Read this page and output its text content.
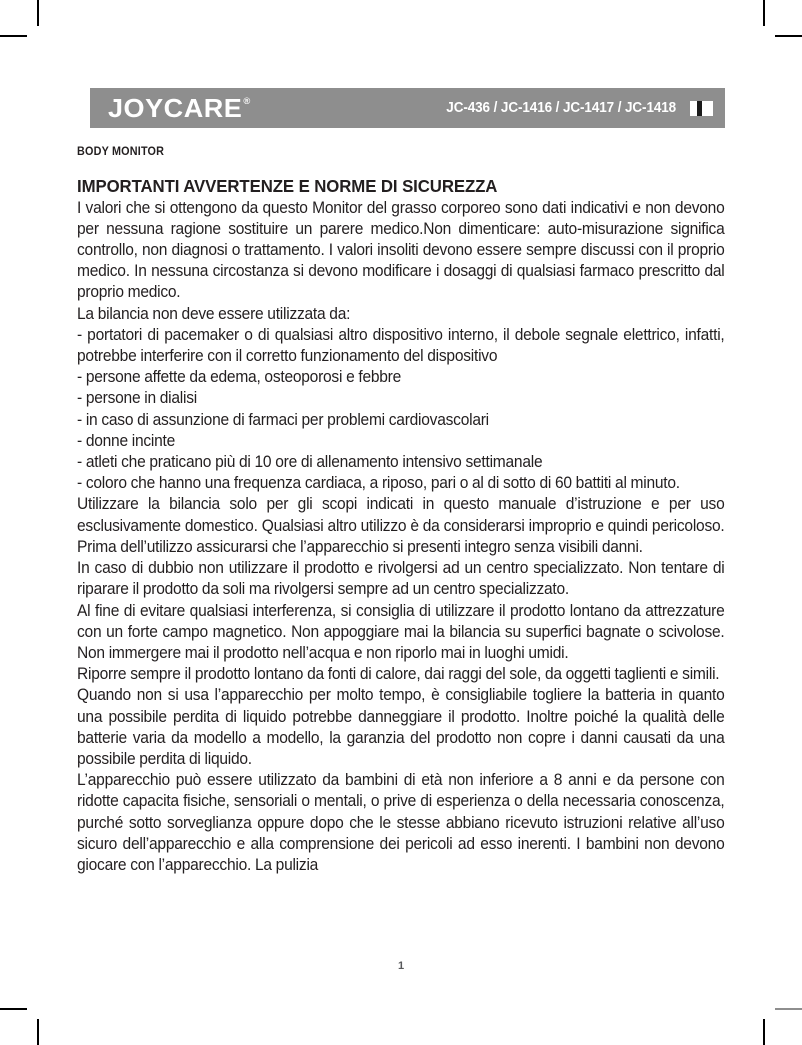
JOYCARE ®	JC-436 / JC-1416 / JC-1417 / JC-1418
BODY MONITOR
IMPORTANTI AVVERTENZE E NORME DI SICUREZZA

I valori che si ottengono da questo Monitor del grasso corporeo sono dati indicativi e non devono per nessuna ragione sostituire un parere medico.Non dimenticare: auto-misurazione significa controllo, non diagnosi o trattamento. I valori insoliti devono essere sempre discussi con il proprio medico. In nessuna circostanza si devono modificare i dosaggi di qualsiasi farmaco prescritto dal proprio medico.

La bilancia non deve essere utilizzata da:

- portatori di pacemaker o di qualsiasi altro dispositivo interno, il debole segnale elettrico, infatti, potrebbe interferire con il corretto funzionamento del dispositivo

- persone affette da edema, osteoporosi e febbre

- persone in dialisi

- in caso di assunzione di farmaci per problemi cardiovascolari

- donne incinte

- atleti che praticano più di 10 ore di allenamento intensivo settimanale

- coloro che hanno una frequenza cardiaca, a riposo, pari o al di sotto di 60 battiti al minuto.

Utilizzare la bilancia solo per gli scopi indicati in questo manuale d’istruzione e per uso esclusivamente domestico. Qualsiasi altro utilizzo è da considerarsi improprio e quindi pericoloso. Prima dell’utilizzo assicurarsi che l’apparecchio si presenti integro senza visibili danni.

In caso di dubbio non utilizzare il prodotto e rivolgersi ad un centro specializzato. Non tentare di riparare il prodotto da soli ma rivolgersi sempre ad un centro specializzato.

Al fine di evitare qualsiasi interferenza, si consiglia di utilizzare il prodotto lontano da attrezzature con un forte campo magnetico. Non appoggiare mai la bilancia su superfici bagnate o scivolose. Non immergere mai il prodotto nell’acqua e non riporlo mai in luoghi umidi.

Riporre sempre il prodotto lontano da fonti di calore, dai raggi del sole, da oggetti taglienti e simili.

Quando non si usa l’apparecchio per molto tempo, è consigliabile togliere la batteria in quanto una possibile perdita di liquido potrebbe danneggiare il prodotto. Inoltre poiché la qualità delle batterie varia da modello a modello, la garanzia del prodotto non copre i danni causati da una possibile perdita di liquido.

L’apparecchio può essere utilizzato da bambini di età non inferiore a 8 anni e da persone con ridotte capacita fisiche, sensoriali o mentali, o prive di esperienza o della necessaria conoscenza, purché sotto sorveglianza oppure dopo che le stesse abbiano ricevuto istruzioni relative all’uso sicuro dell’apparecchio e alla comprensione dei pericoli ad esso inerenti. I bambini non devono giocare con l’apparecchio. La pulizia

1
